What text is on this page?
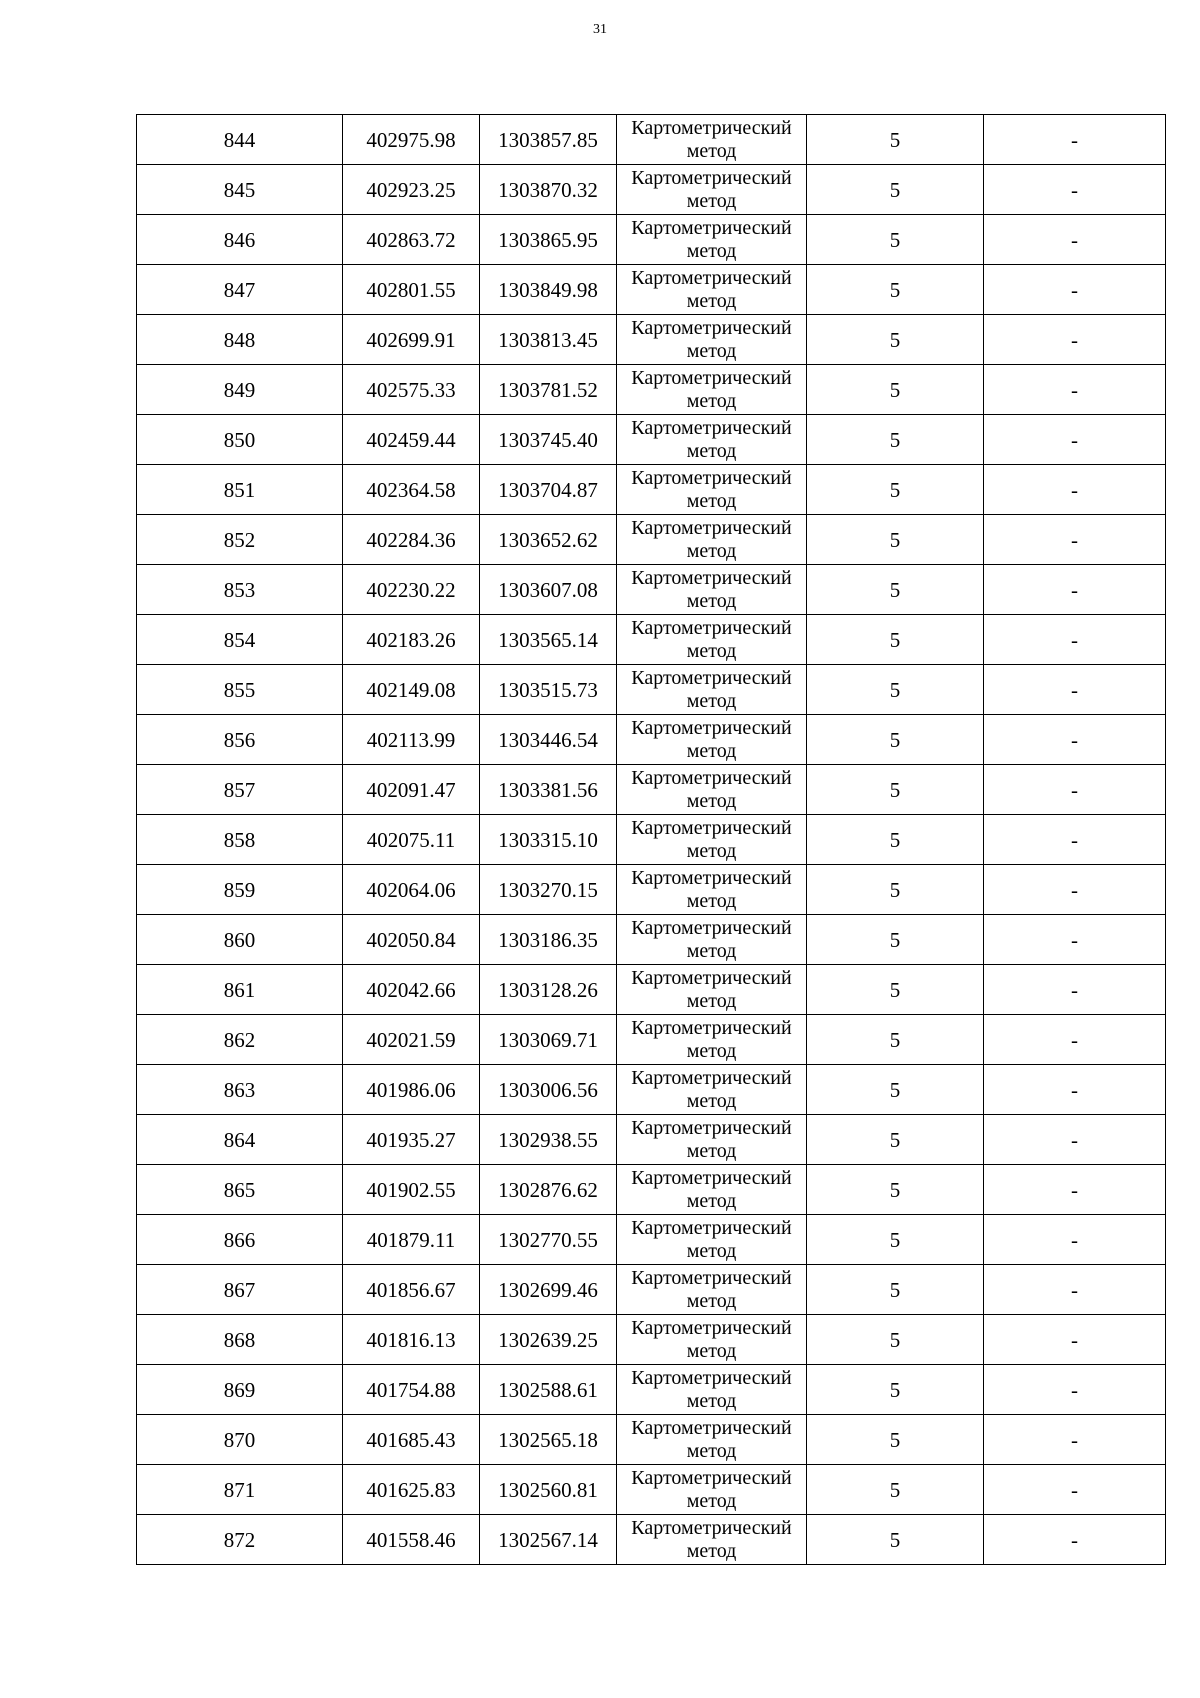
31
844	402975.98	1303857.85	Картометрический метод	5	-
845	402923.25	1303870.32	Картометрический метод	5	-
846	402863.72	1303865.95	Картометрический метод	5	-
847	402801.55	1303849.98	Картометрический метод	5	-
848	402699.91	1303813.45	Картометрический метод	5	-
849	402575.33	1303781.52	Картометрический метод	5	-
850	402459.44	1303745.40	Картометрический метод	5	-
851	402364.58	1303704.87	Картометрический метод	5	-
852	402284.36	1303652.62	Картометрический метод	5	-
853	402230.22	1303607.08	Картометрический метод	5	-
854	402183.26	1303565.14	Картометрический метод	5	-
855	402149.08	1303515.73	Картометрический метод	5	-
856	402113.99	1303446.54	Картометрический метод	5	-
857	402091.47	1303381.56	Картометрический метод	5	-
858	402075.11	1303315.10	Картометрический метод	5	-
859	402064.06	1303270.15	Картометрический метод	5	-
860	402050.84	1303186.35	Картометрический метод	5	-
861	402042.66	1303128.26	Картометрический метод	5	-
862	402021.59	1303069.71	Картометрический метод	5	-
863	401986.06	1303006.56	Картометрический метод	5	-
864	401935.27	1302938.55	Картометрический метод	5	-
865	401902.55	1302876.62	Картометрический метод	5	-
866	401879.11	1302770.55	Картометрический метод	5	-
867	401856.67	1302699.46	Картометрический метод	5	-
868	401816.13	1302639.25	Картометрический метод	5	-
869	401754.88	1302588.61	Картометрический метод	5	-
870	401685.43	1302565.18	Картометрический метод	5	-
871	401625.83	1302560.81	Картометрический метод	5	-
872	401558.46	1302567.14	Картометрический метод	5	-
